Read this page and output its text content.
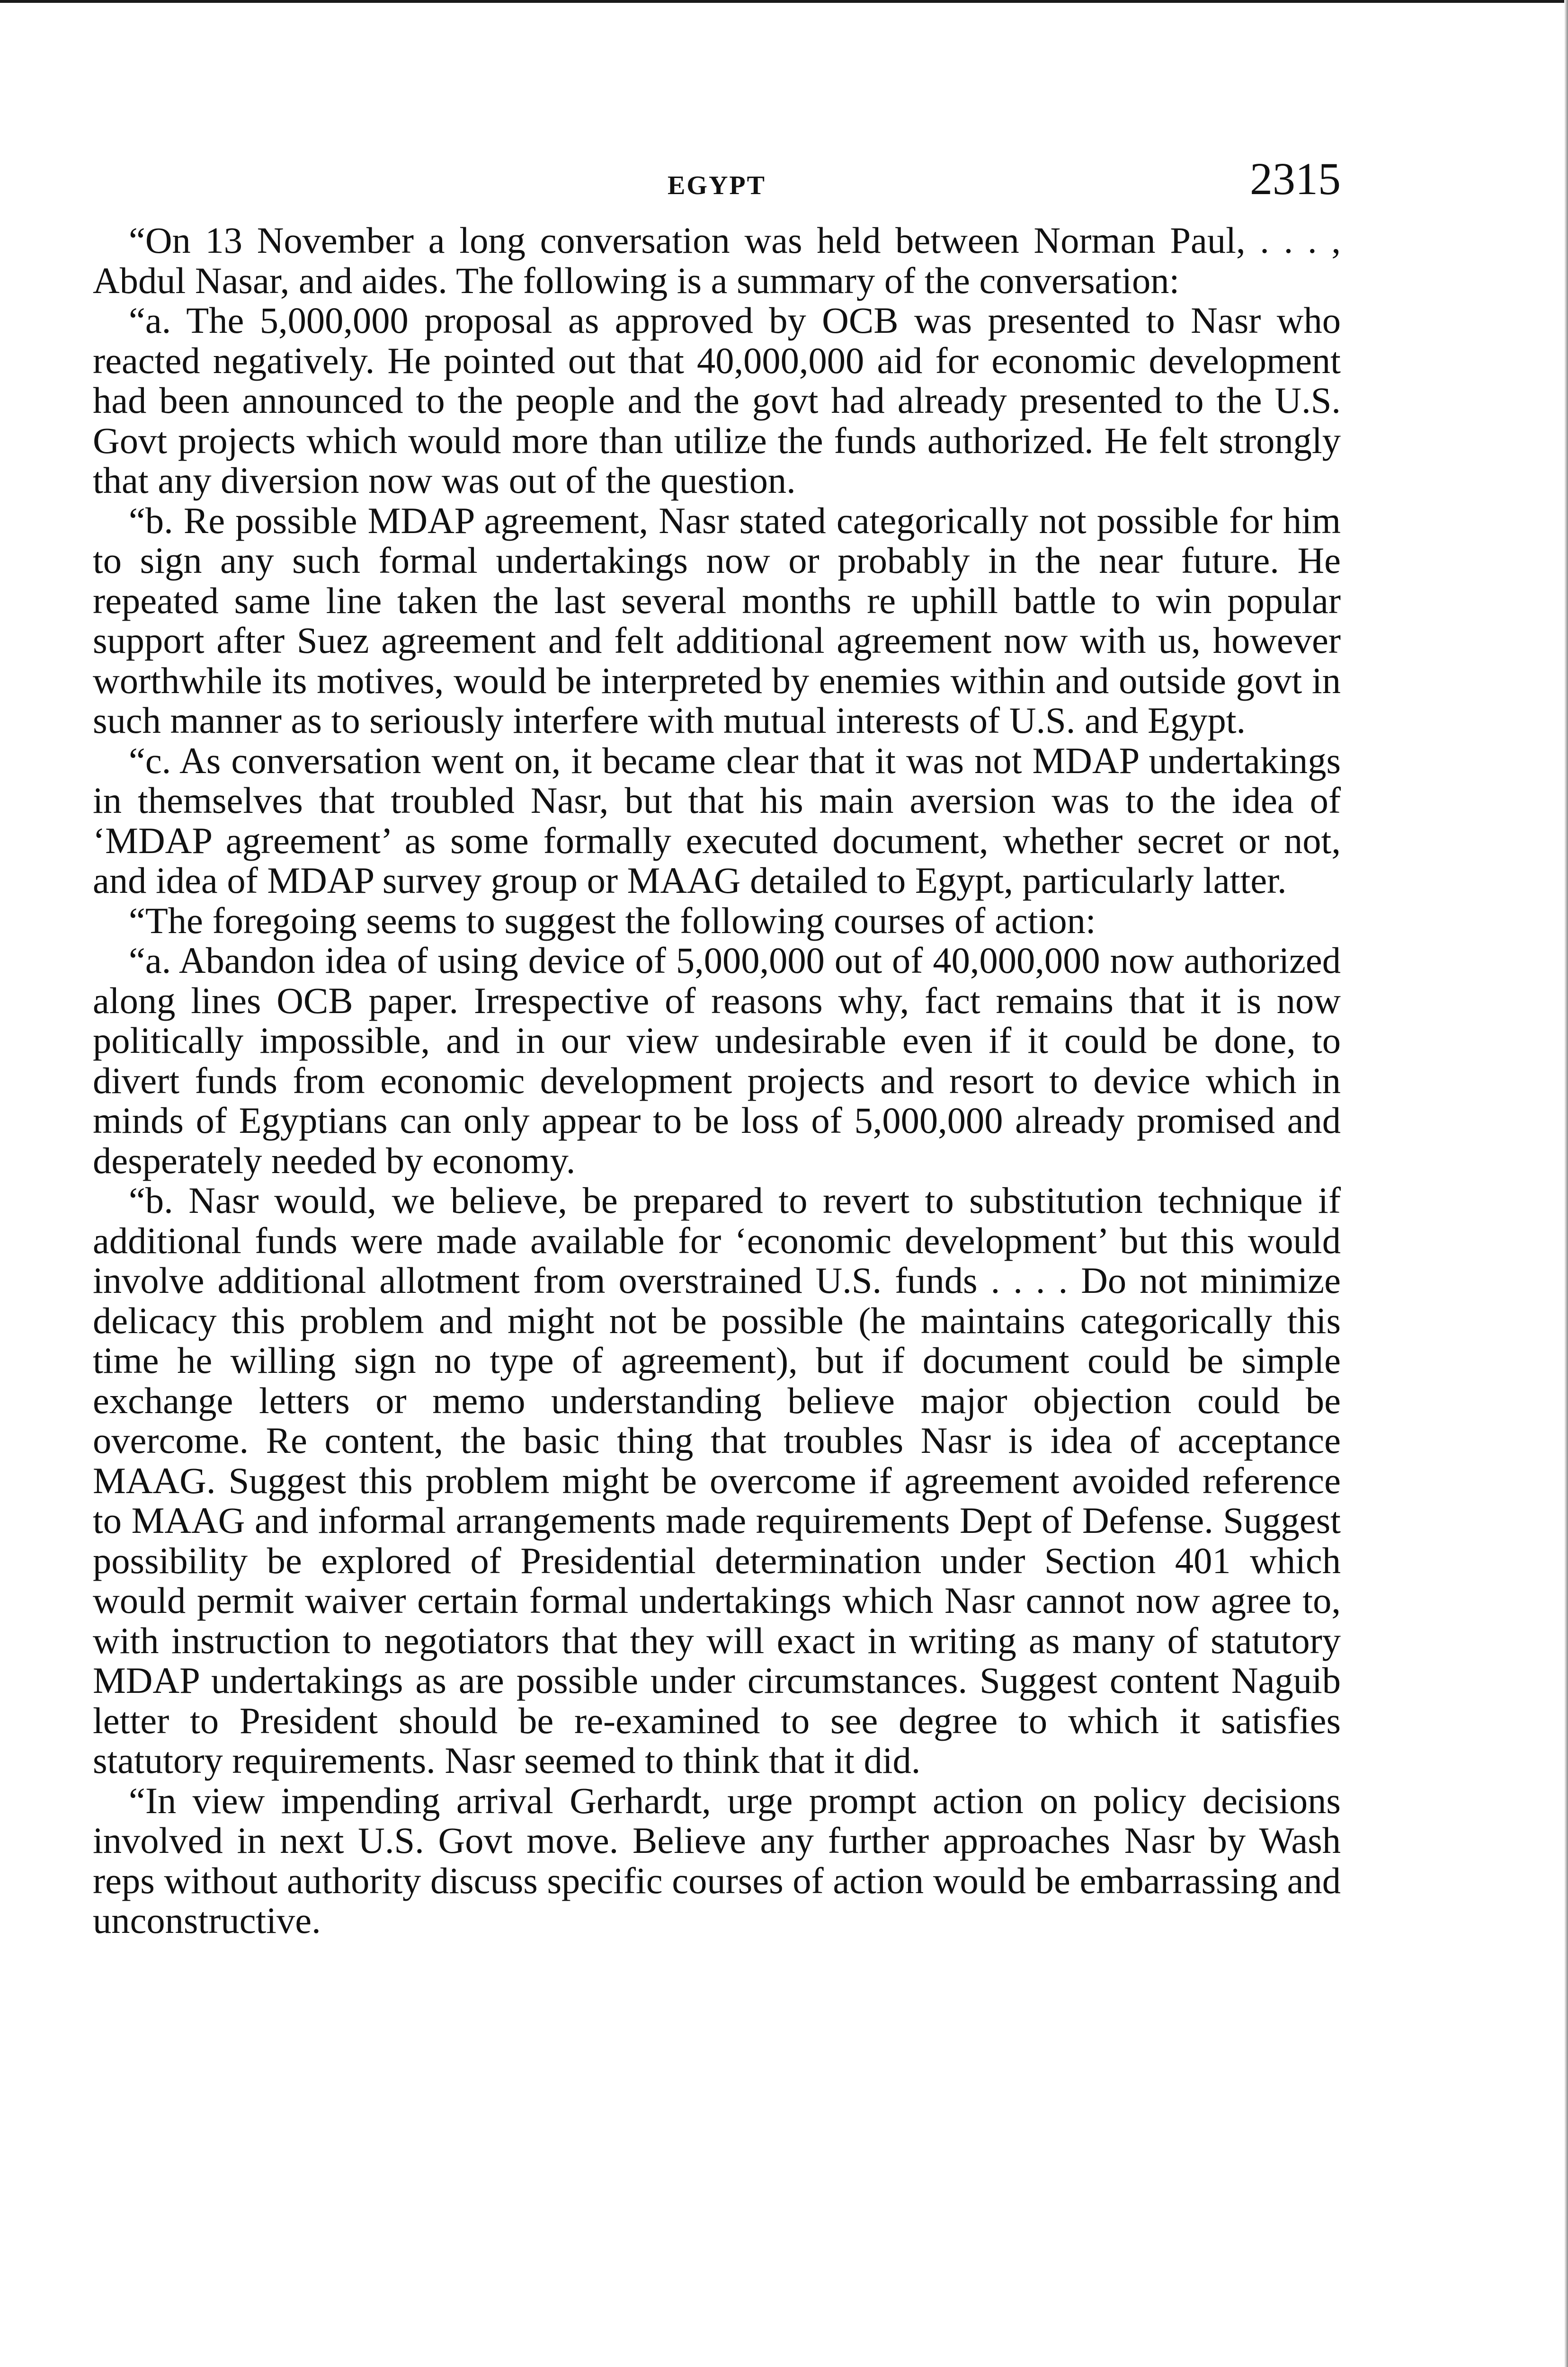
EGYPT	2315

“On 13 November a long conversation was held between Norman Paul, . . . , Abdul Nasar, and aides. The following is a summary of the conversation:

“a. The 5,000,000 proposal as approved by OCB was presented to Nasr who reacted negatively. He pointed out that 40,000,000 aid for economic development had been announced to the people and the govt had already presented to the U.S. Govt projects which would more than utilize the funds authorized. He felt strongly that any diversion now was out of the question.

“b. Re possible MDAP agreement, Nasr stated categorically not possible for him to sign any such formal undertakings now or probably in the near future. He repeated same line taken the last several months re uphill battle to win popular support after Suez agreement and felt additional agreement now with us, however worthwhile its motives, would be interpreted by enemies within and outside govt in such manner as to seriously interfere with mutual interests of U.S. and Egypt.

“c. As conversation went on, it became clear that it was not MDAP undertakings in themselves that troubled Nasr, but that his main aversion was to the idea of ‘MDAP agreement’ as some formally executed document, whether secret or not, and idea of MDAP survey group or MAAG detailed to Egypt, particularly latter.

“The foregoing seems to suggest the following courses of action:

“a. Abandon idea of using device of 5,000,000 out of 40,000,000 now authorized along lines OCB paper. Irrespective of reasons why, fact remains that it is now politically impossible, and in our view undesirable even if it could be done, to divert funds from economic development projects and resort to device which in minds of Egyptians can only appear to be loss of 5,000,000 already promised and desperately needed by economy.

“b. Nasr would, we believe, be prepared to revert to substitution technique if additional funds were made available for ‘economic development’ but this would involve additional allotment from overstrained U.S. funds . . . . Do not minimize delicacy this problem and might not be possible (he maintains categorically this time he willing sign no type of agreement), but if document could be simple exchange letters or memo understanding believe major objection could be overcome. Re content, the basic thing that troubles Nasr is idea of acceptance MAAG. Suggest this problem might be overcome if agreement avoided reference to MAAG and informal arrangements made requirements Dept of Defense. Suggest possibility be explored of Presidential determination under Section 401 which would permit waiver certain formal undertakings which Nasr cannot now agree to, with instruction to negotiators that they will exact in writing as many of statutory MDAP undertakings as are possible under circumstances. Suggest content Naguib letter to President should be re-examined to see degree to which it satisfies statutory requirements. Nasr seemed to think that it did.

“In view impending arrival Gerhardt, urge prompt action on policy decisions involved in next U.S. Govt move. Believe any further approaches Nasr by Wash reps without authority discuss specific courses of action would be embarrassing and unconstructive.
